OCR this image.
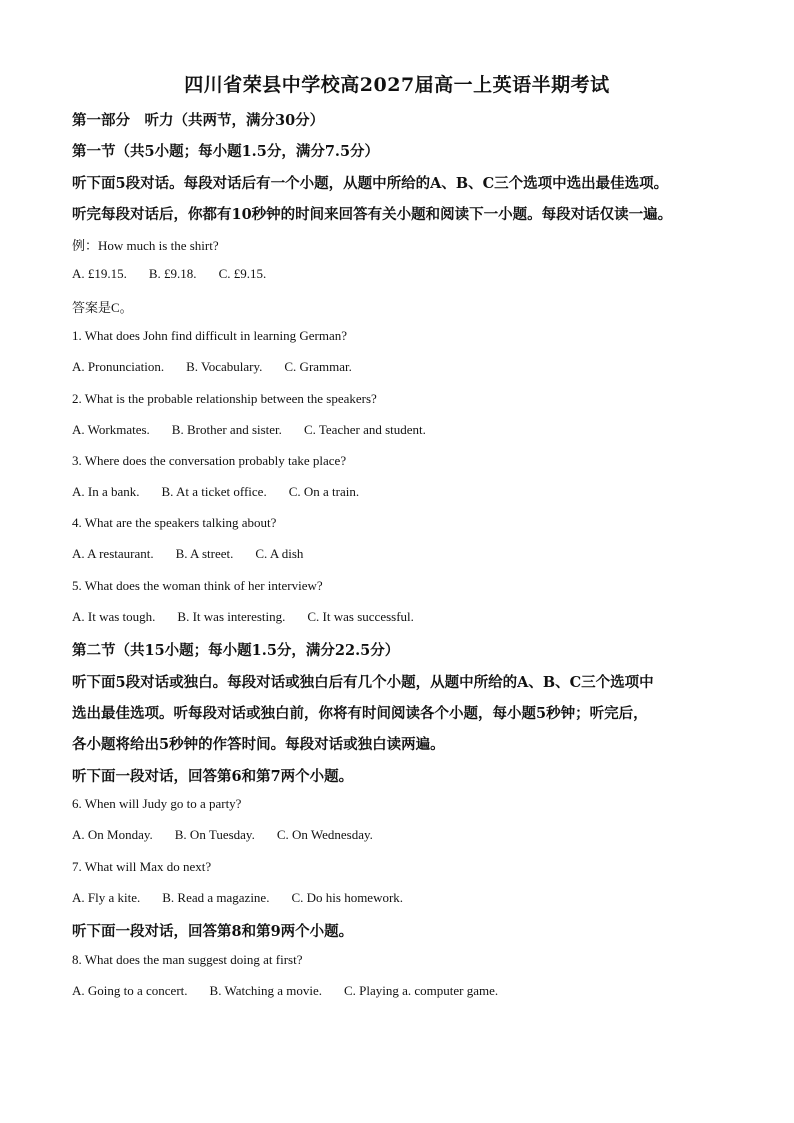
四川省荣县中学校高2027届高一上英语半期考试
第一部分　听力（共两节，满分30分）
第一节（共5小题；每小题1.5分，满分7.5分）
听下面5段对话。每段对话后有一个小题，从题中所给的A、B、C三个选项中选出最佳选项。
听完每段对话后，你都有10秒钟的时间来回答有关小题和阅读下一小题。每段对话仅读一遍。
例：How much is the shirt?
A. £19.15. B. £9.18. C. £9.15.
答案是C。
1. What does John find difficult in learning German?
A. Pronunciation. B. Vocabulary. C. Grammar.
2. What is the probable relationship between the speakers?
A. Workmates. B. Brother and sister. C. Teacher and student.
3. Where does the conversation probably take place?
A. In a bank. B. At a ticket office. C. On a train.
4. What are the speakers talking about?
A. A restaurant. B. A street. C. A dish
5. What does the woman think of her interview?
A. It was tough. B. It was interesting. C. It was successful.
第二节（共15小题；每小题1.5分，满分22.5分）
听下面5段对话或独白。每段对话或独白后有几个小题，从题中所给的A、B、C三个选项中
选出最佳选项。听每段对话或独白前，你将有时间阅读各个小题，每小题5秒钟；听完后，
各小题将给出5秒钟的作答时间。每段对话或独白读两遍。
听下面一段对话，回答第6和第7两个小题。
6. When will Judy go to a party?
A. On Monday. B. On Tuesday. C. On Wednesday.
7. What will Max do next?
A. Fly a kite. B. Read a magazine. C. Do his homework.
听下面一段对话，回答第8和第9两个小题。
8. What does the man suggest doing at first?
A. Going to a concert. B. Watching a movie. C. Playing a. computer game.
